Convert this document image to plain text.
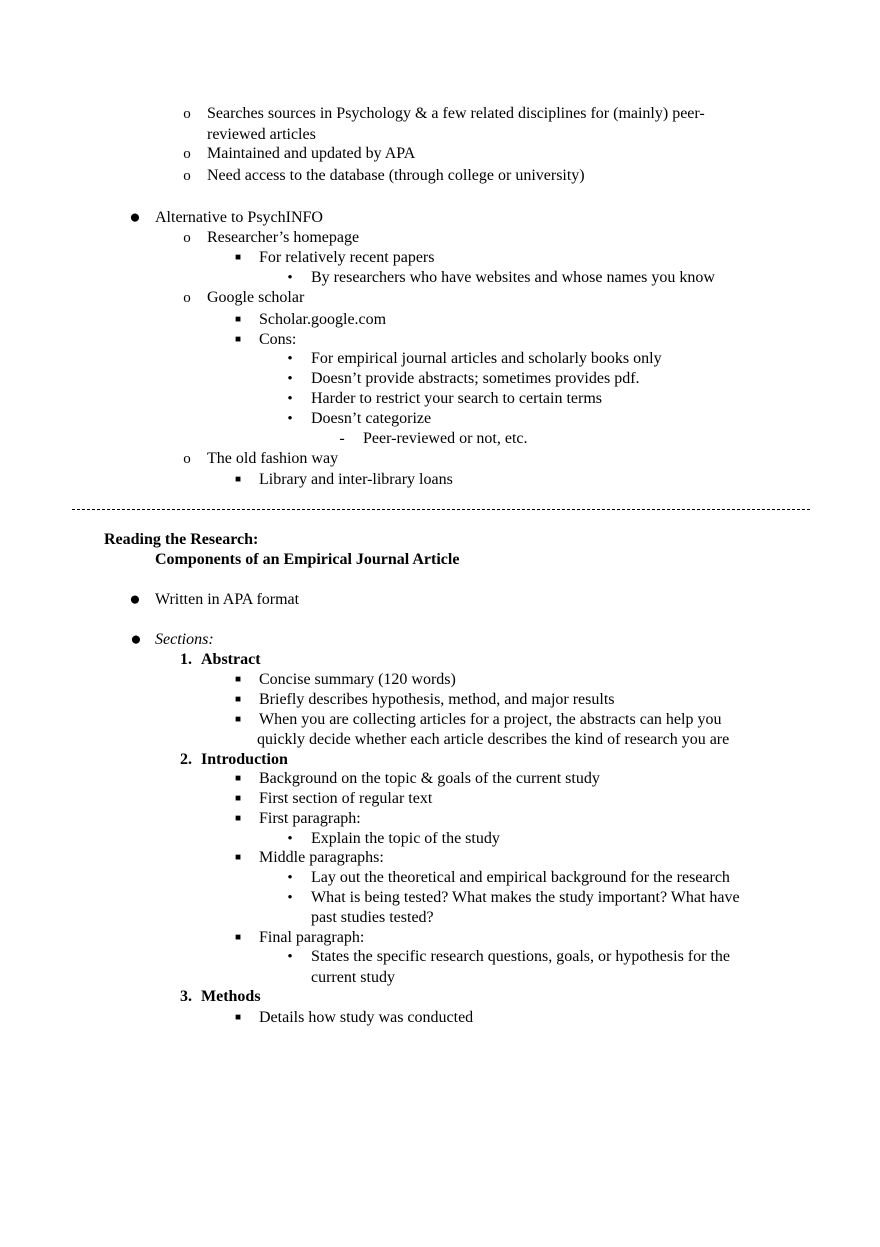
o Searches sources in Psychology & a few related disciplines for (mainly) peer-
reviewed articles
o Maintained and updated by APA
o Need access to the database (through college or university)
● Alternative to PsychINFO
o Researcher’s homepage
■ For relatively recent papers
• By researchers who have websites and whose names you know
o Google scholar
■ Scholar.google.com
■ Cons:
• For empirical journal articles and scholarly books only
• Doesn’t provide abstracts; sometimes provides pdf.
• Harder to restrict your search to certain terms
• Doesn’t categorize
- Peer-reviewed or not, etc.
o The old fashion way
■ Library and inter-library loans
Reading the Research:
Components of an Empirical Journal Article
● Written in APA format
● Sections:
1. Abstract
■ Concise summary (120 words)
■ Briefly describes hypothesis, method, and major results
■ When you are collecting articles for a project, the abstracts can help you
quickly decide whether each article describes the kind of research you are
2. Introduction
■ Background on the topic & goals of the current study
■ First section of regular text
■ First paragraph:
• Explain the topic of the study
■ Middle paragraphs:
• Lay out the theoretical and empirical background for the research
• What is being tested? What makes the study important? What have
past studies tested?
■ Final paragraph:
• States the specific research questions, goals, or hypothesis for the
current study
3. Methods
■ Details how study was conducted
